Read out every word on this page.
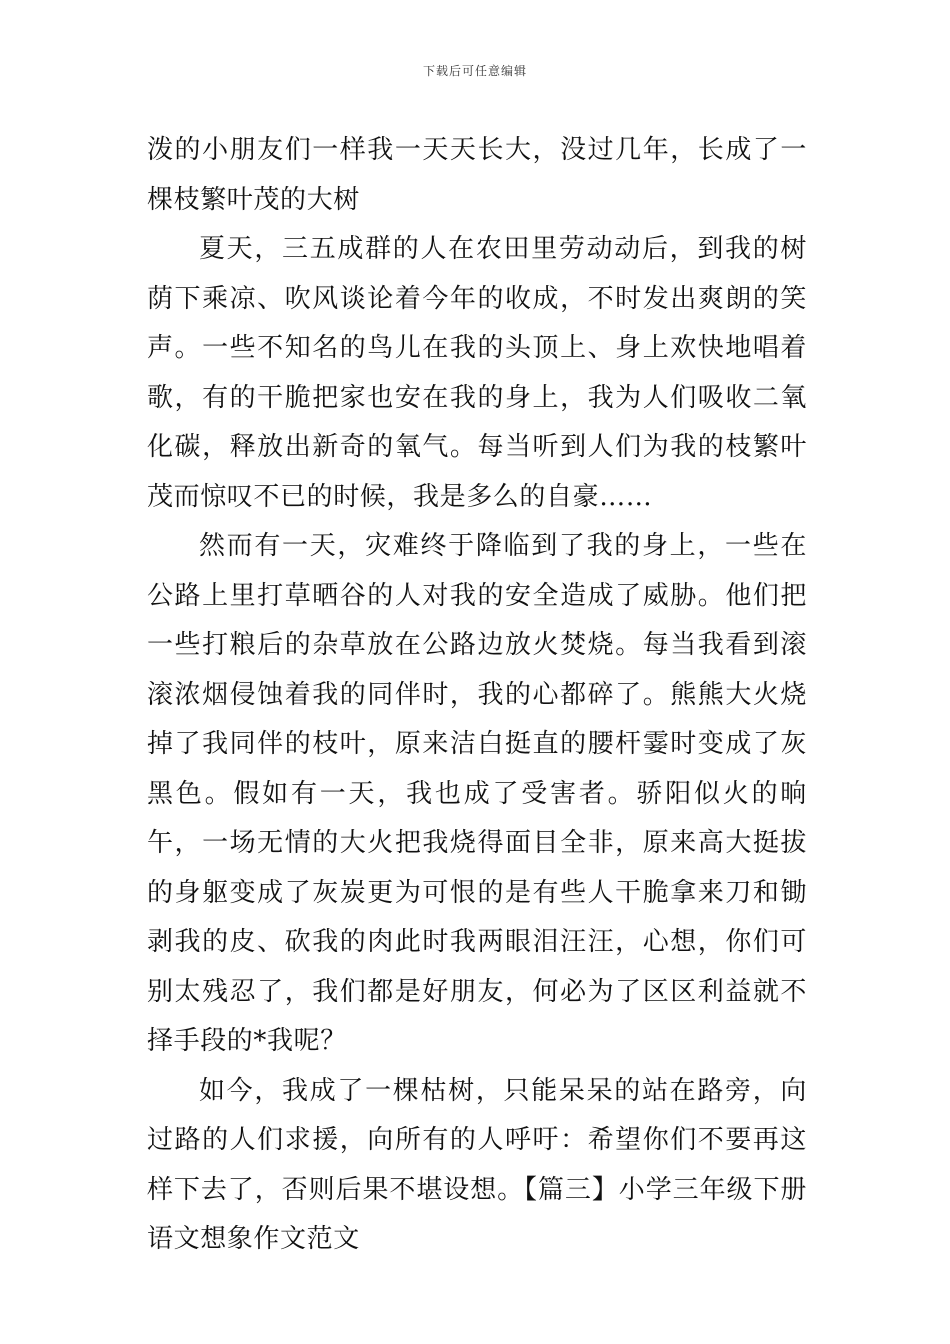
下载后可任意编辑

泼的小朋友们一样我一天天长大，没过几年，长成了一棵枝繁叶茂的大树

夏天，三五成群的人在农田里劳动动后，到我的树荫下乘凉、吹风谈论着今年的收成，不时发出爽朗的笑声。一些不知名的鸟儿在我的头顶上、身上欢快地唱着歌，有的干脆把家也安在我的身上，我为人们吸收二氧化碳，释放出新奇的氧气。每当听到人们为我的枝繁叶茂而惊叹不已的时候，我是多么的自豪……

然而有一天，灾难终于降临到了我的身上，一些在公路上里打草晒谷的人对我的安全造成了威胁。他们把一些打粮后的杂草放在公路边放火焚烧。每当我看到滚滚浓烟侵蚀着我的同伴时，我的心都碎了。熊熊大火烧掉了我同伴的枝叶，原来洁白挺直的腰杆霎时变成了灰黑色。假如有一天，我也成了受害者。骄阳似火的晌午，一场无情的大火把我烧得面目全非，原来高大挺拔的身躯变成了灰炭更为可恨的是有些人干脆拿来刀和锄剥我的皮、砍我的肉此时我两眼泪汪汪，心想，你们可别太残忍了，我们都是好朋友，何必为了区区利益就不择手段的*我呢？

如今，我成了一棵枯树，只能呆呆的站在路旁，向过路的人们求援，向所有的人呼吁：希望你们不要再这样下去了，否则后果不堪设想。【篇三】小学三年级下册语文想象作文范文
